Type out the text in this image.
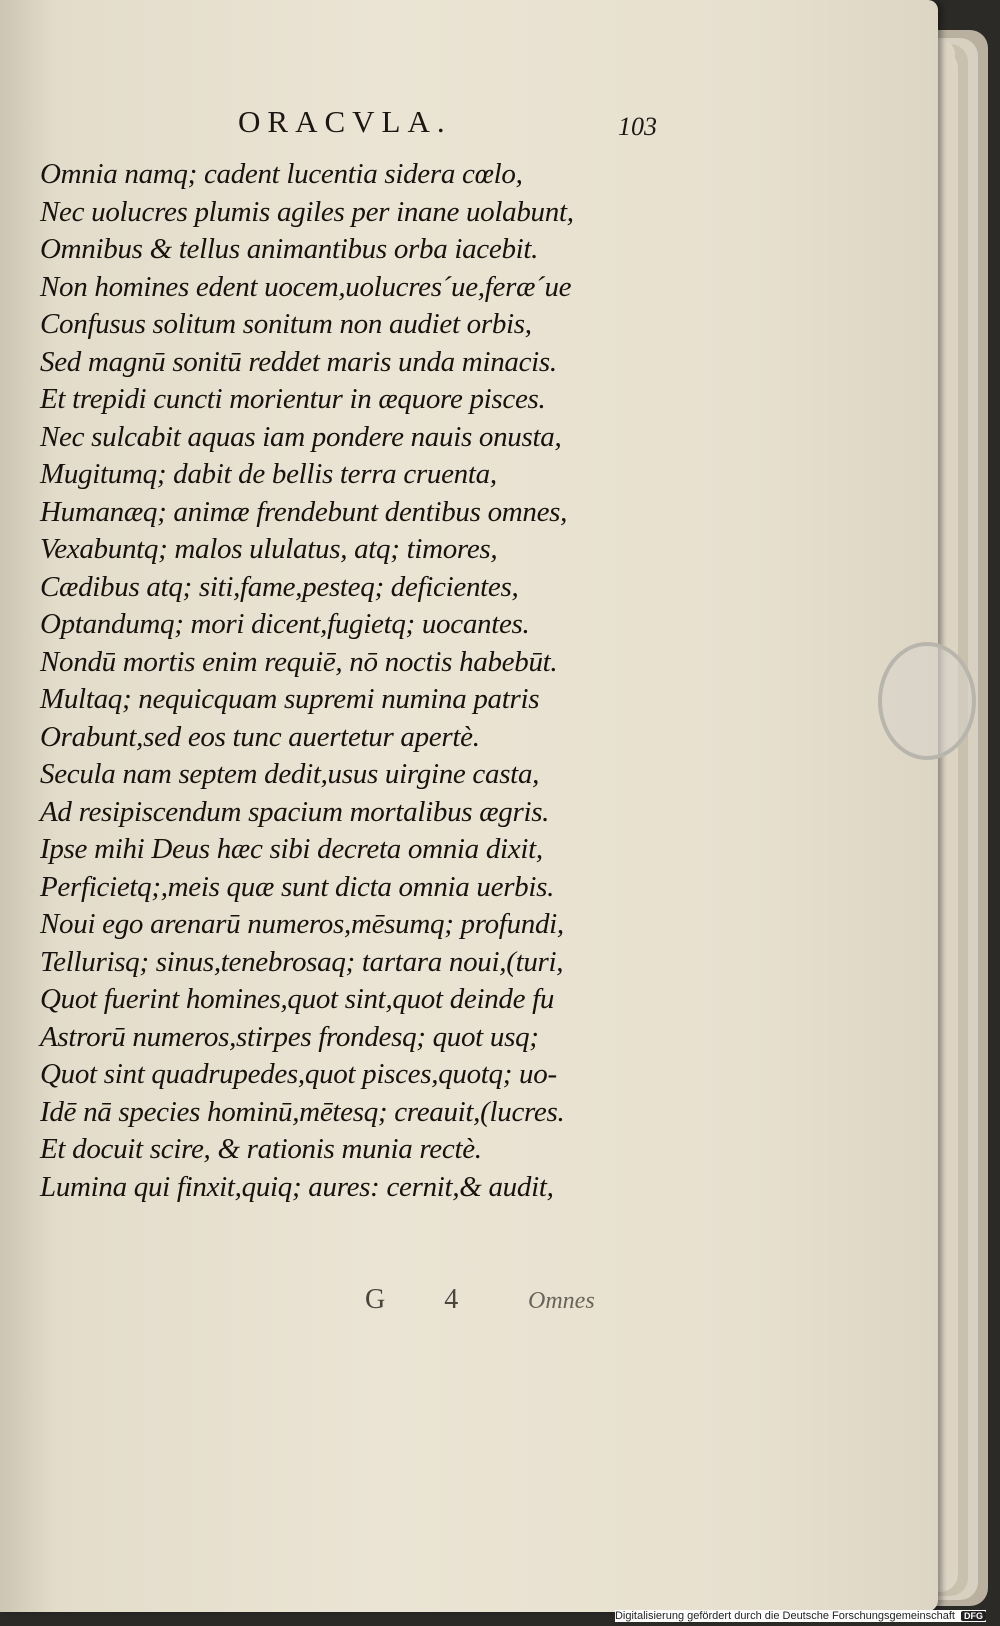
ORACVLA.	103
Omnia namq; cadent lucentia sidera cœlo,
Nec uolucres plumis agiles per inane uolabunt,
Omnibus & tellus animantibus orba iacebit.
Non homines edent uocem,uolucres´ue,feræ´ue
Confusus solitum sonitum non audiet orbis,
Sed magnū sonitū reddet maris unda minacis.
Et trepidi cuncti morientur in æquore pisces.
Nec sulcabit aquas iam pondere nauis onusta,
Mugitumq; dabit de bellis terra cruenta,
Humanæq; animæ frendebunt dentibus omnes,
Vexabuntq; malos ululatus, atq; timores,
Cædibus atq; siti,fame,pesteq; deficientes,
Optandumq; mori dicent,fugietq; uocantes.
Nondū mortis enim requiē, nō noctis habebūt.
Multaq; nequicquam supremi numina patris
Orabunt,sed eos tunc auertetur apertè.
Secula nam septem dedit,usus uirgine casta,
Ad resipiscendum spacium mortalibus ægris.
Ipse mihi Deus hæc sibi decreta omnia dixit,
Perficietq;,meis quæ sunt dicta omnia uerbis.
Noui ego arenarū numeros,mēsumq; profundi,
Tellurisq; sinus,tenebrosaq; tartara noui,(turi,
Quot fuerint homines,quot sint,quot deinde fu
Astrorū numeros,stirpes frondesq; quot usq;
Quot sint quadrupedes,quot pisces,quotq; uo-
Idē nā species hominū,mētesq; creauit,(lucres.
Et docuit scire, & rationis munia rectè.
Lumina qui finxit,quiq; aures: cernit,& audit,
G 4 Omnes
Digitalisierung gefördert durch die Deutsche Forschungsgemeinschaft DFG
